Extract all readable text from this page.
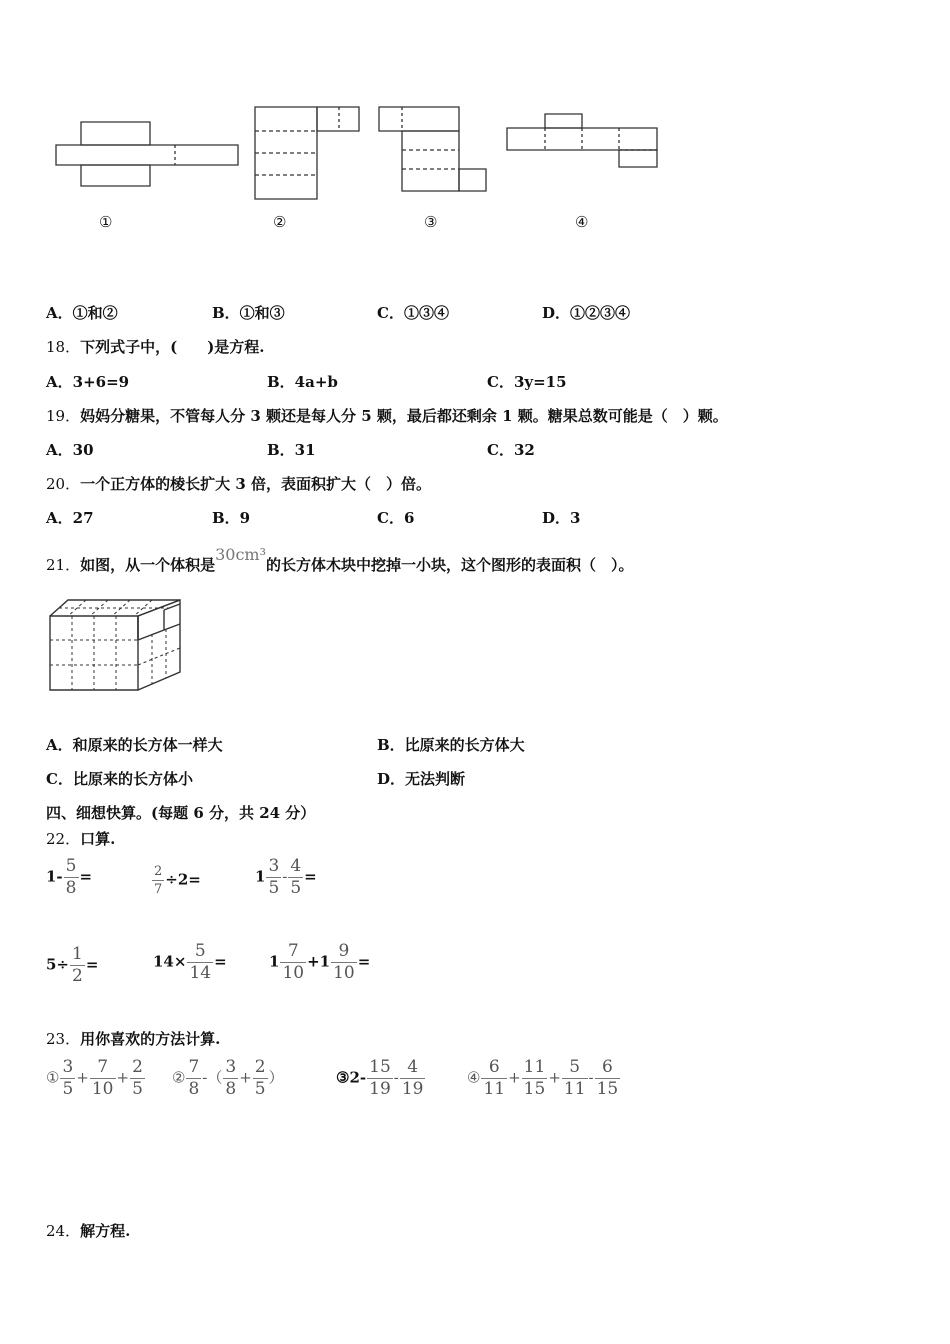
①	②	③	④
A．①和②	B．①和③	C．①③④	D．①②③④
18．下列式子中，(　　)是方程.
A．3+6=9	B．4a+b	C．3y=15
19．妈妈分糖果，不管每人分 3 颗还是每人分 5 颗，最后都还剩余 1 颗。糖果总数可能是（　）颗。
A．30	B．31	C．32
20．一个正方体的棱长扩大 3 倍，表面积扩大（　）倍。
A．27	B．9	C．6	D．3
21．如图，从一个体积是30cm³的长方体木块中挖掉一小块，这个图形的表面积（　）。
A．和原来的长方体一样大	B．比原来的长方体大
C．比原来的长方体小	D．无法判断
四、细想快算。(每题 6 分，共 24 分）
22．口算.
$1- \frac{5}{8}$ =	$\frac{2}{7} \div 2=$	$1 \frac{3}{5} - \frac{4}{5}$ =
$5\div \frac{1}{2}$ =	$14\times \frac{5}{14}$ =	$1 \frac{7}{10} +1 \frac{9}{10}$ =
23．用你喜欢的方法计算.
① $\frac{3}{5} + \frac{7}{10} + \frac{2}{5}$ ② $\frac{7}{8}$ -（ $\frac{3}{8} + \frac{2}{5}$ ）	③2- $\frac{15}{19} - \frac{4}{19}$	④ $\frac{6}{11} + \frac{11}{15} + \frac{5}{11} - \frac{6}{15}$
24．解方程.
